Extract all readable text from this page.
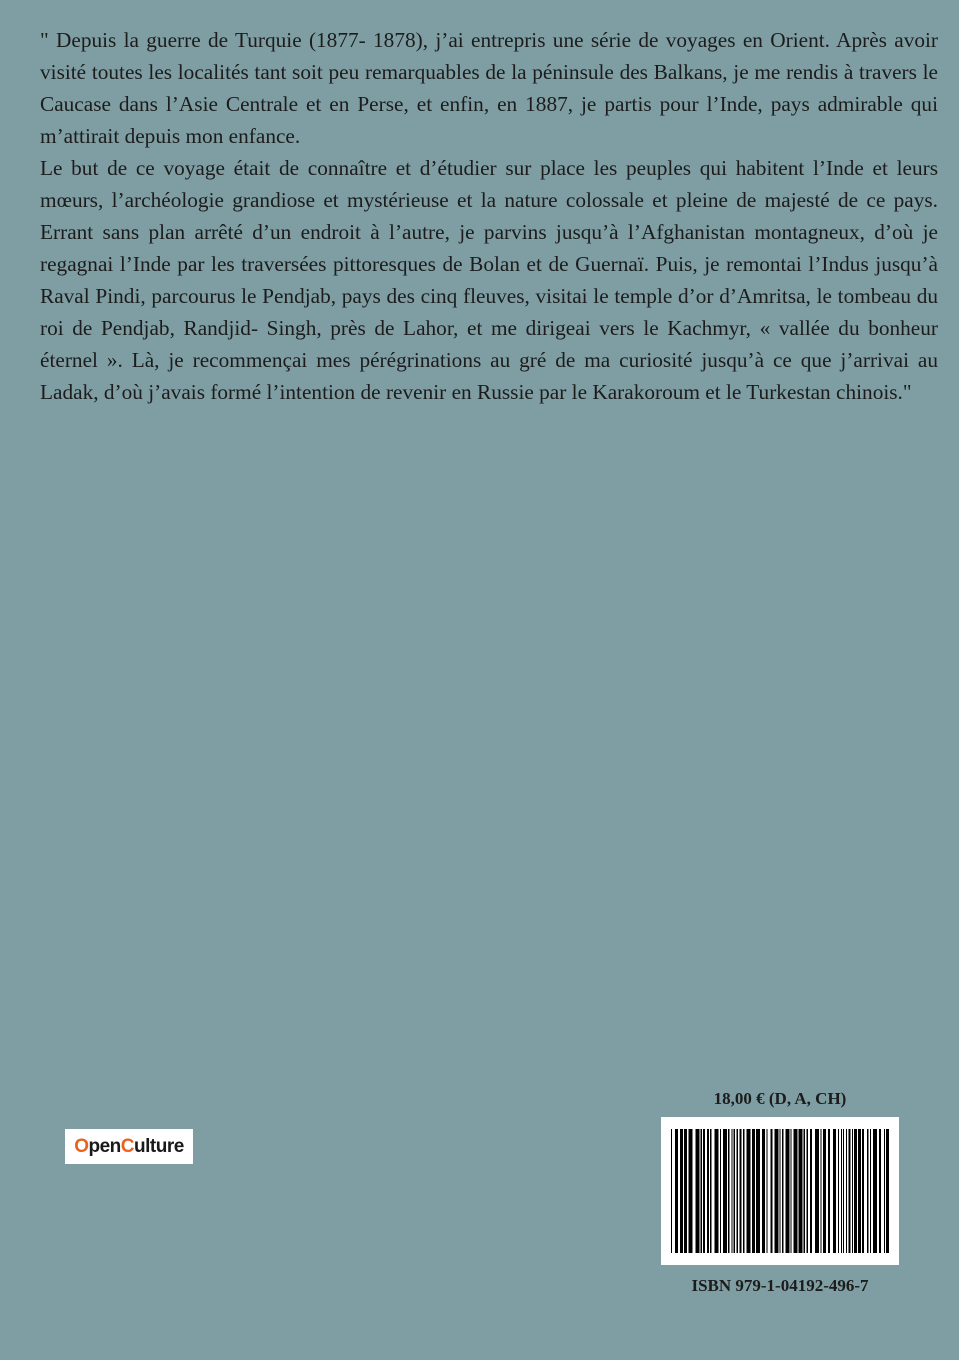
" Depuis la guerre de Turquie (1877- 1878), j’ai entrepris une série de voyages en Orient. Après avoir visité toutes les localités tant soit peu remarquables de la péninsule des Balkans, je me rendis à travers le Caucase dans l’Asie Centrale et en Perse, et enfin, en 1887, je partis pour l’Inde, pays admirable qui m’attirait depuis mon enfance.

Le but de ce voyage était de connaître et d’étudier sur place les peuples qui habitent l’Inde et leurs mœurs, l’archéologie grandiose et mystérieuse et la nature colossale et pleine de majesté de ce pays. Errant sans plan arrêté d’un endroit à l’autre, je parvins jusqu’à l’Afghanistan montagneux, d’où je regagnai l’Inde par les traversées pittoresques de Bolan et de Guernaï. Puis, je remontai l’Indus jusqu’à Raval Pindi, parcourus le Pendjab, pays des cinq fleuves, visitai le temple d’or d’Amritsa, le tombeau du roi de Pendjab, Randjid- Singh, près de Lahor, et me dirigeai vers le Kachmyr, « vallée du bonheur éternel ». Là, je recommençai mes pérégrinations au gré de ma curiosité jusqu’à ce que j’arrivai au Ladak, d’où j’avais formé l’intention de revenir en Russie par le Karakoroum et le Turkestan chinois."

O pen C ulture
18,00 € (D, A, CH)
ISBN 979-1-04192-496-7
